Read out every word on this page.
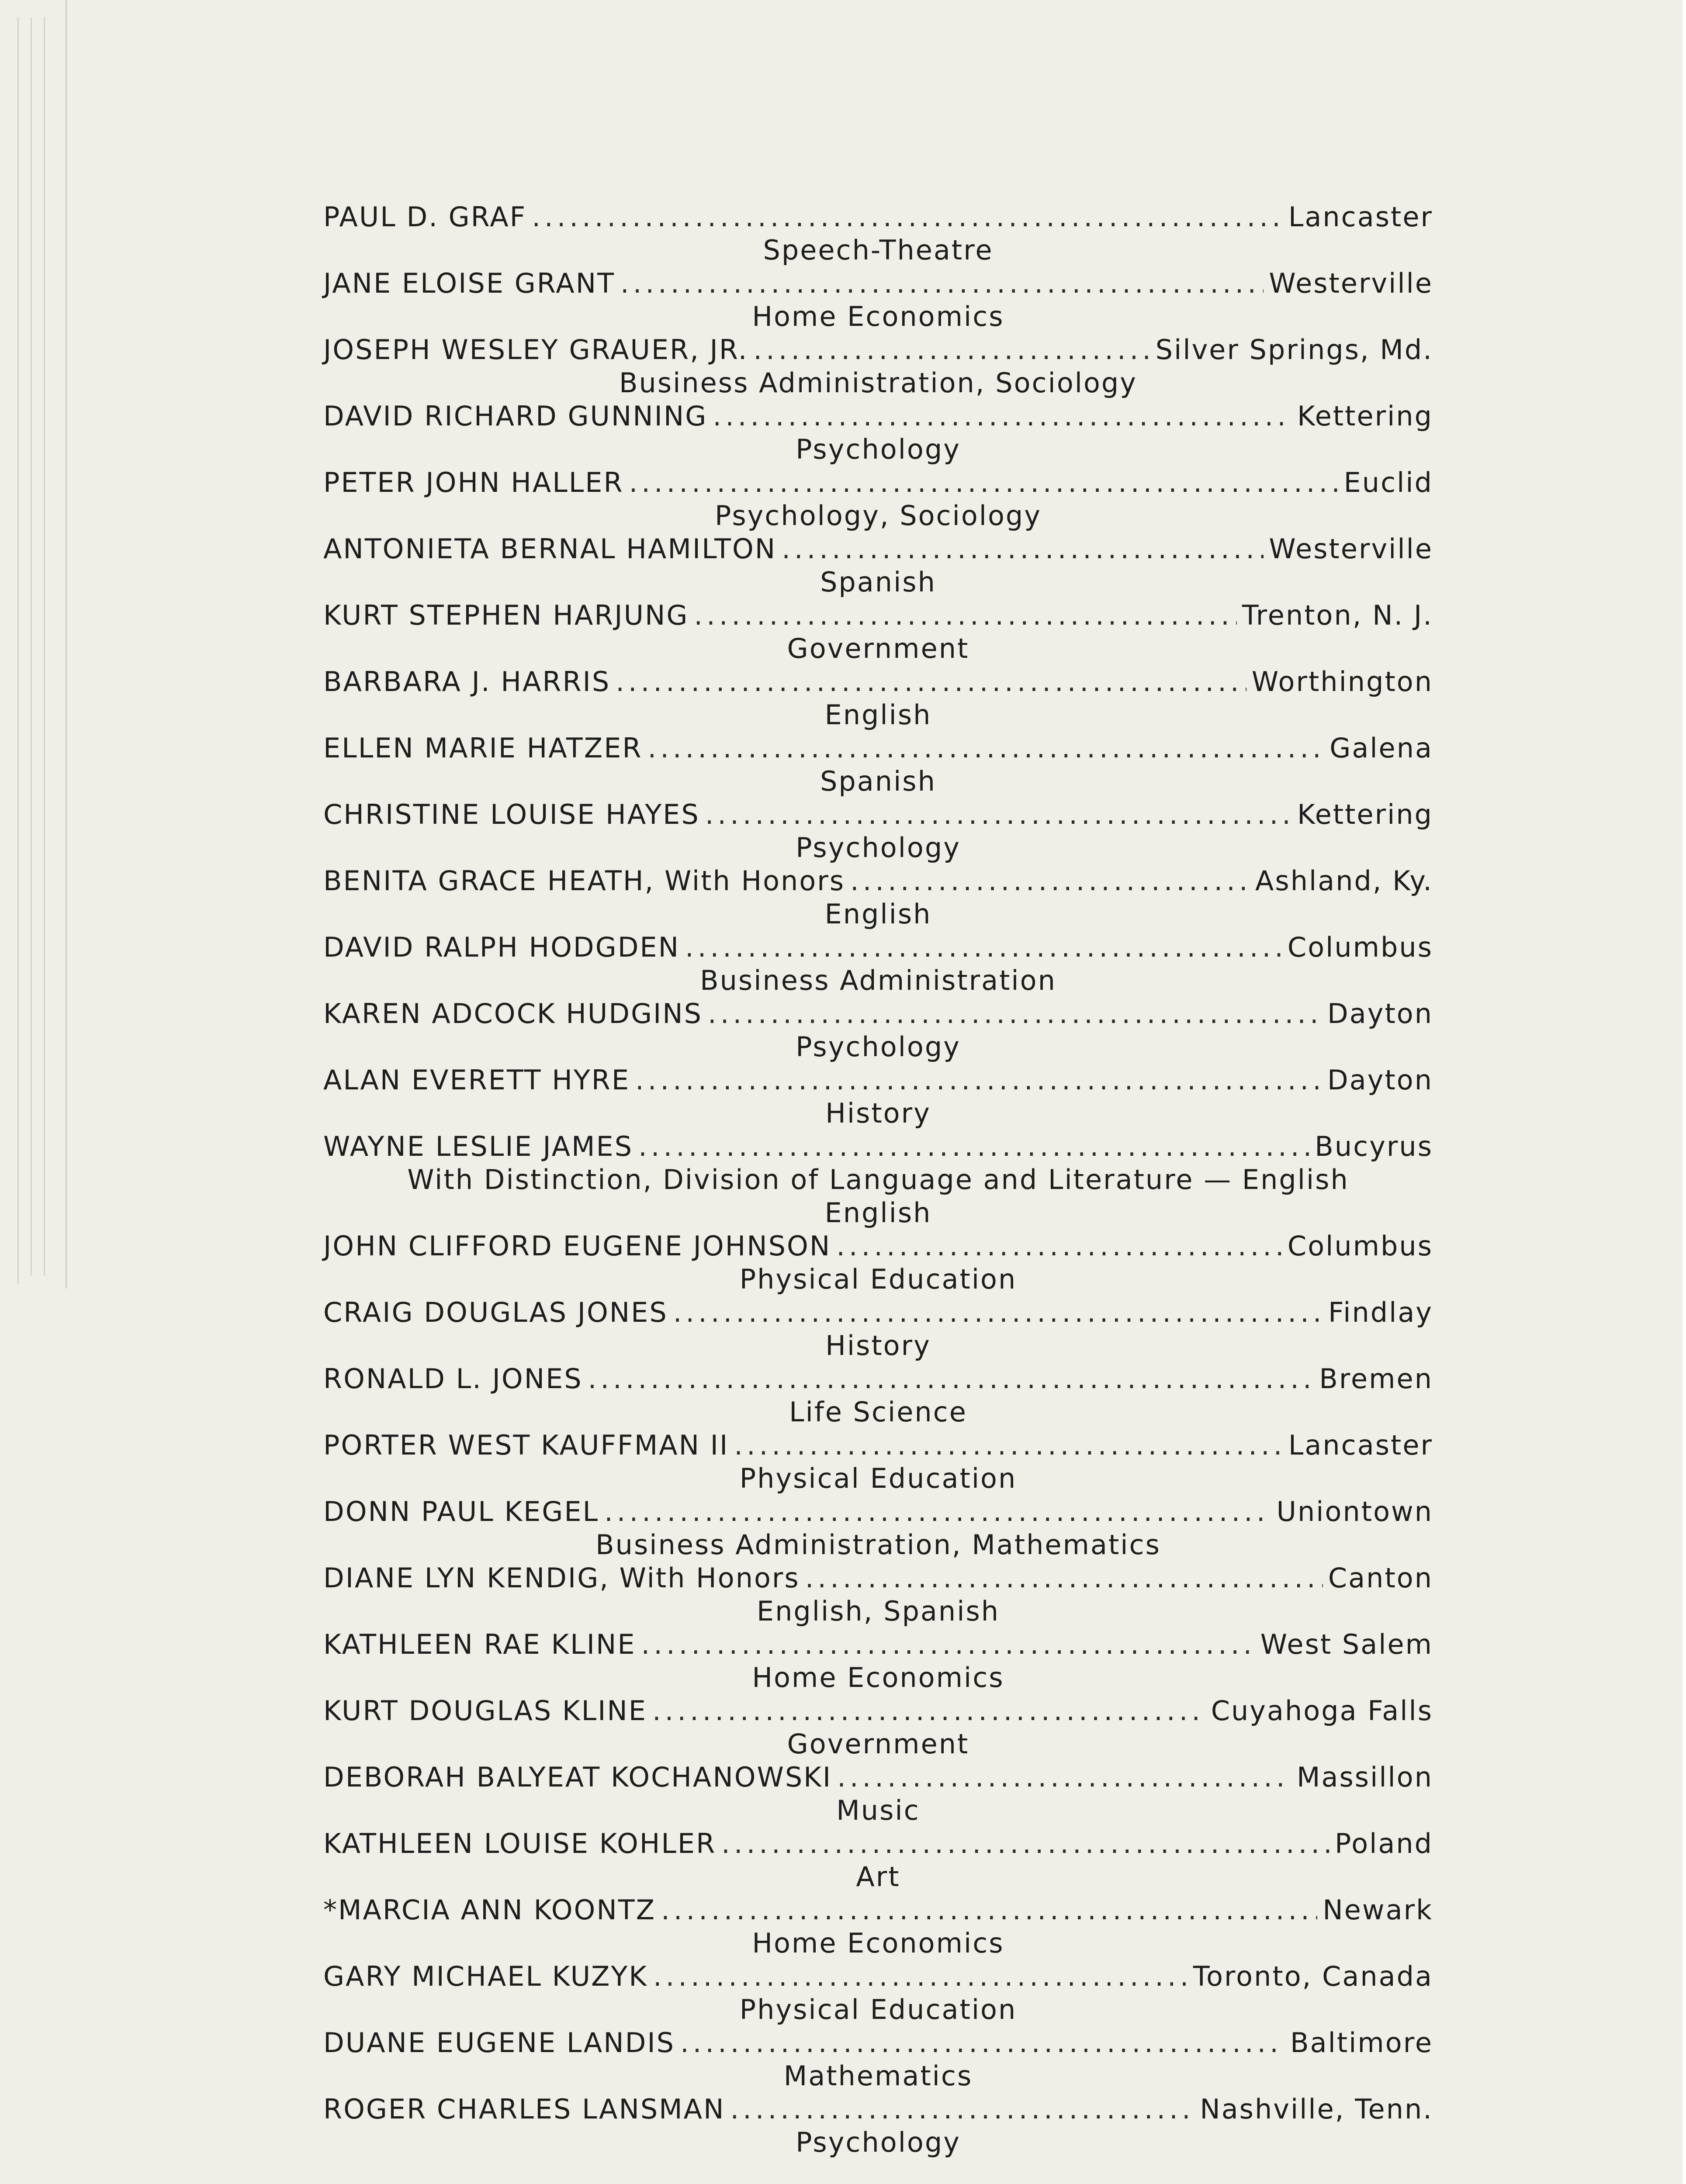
PAUL D. GRAF .....	Lancaster
Speech-Theatre
JANE ELOISE GRANT .....	Westerville
Home Economics
JOSEPH WESLEY GRAUER, JR. .....	Silver Springs, Md.
Business Administration, Sociology
DAVID RICHARD GUNNING .....	Kettering
Psychology
PETER JOHN HALLER .....	Euclid
Psychology, Sociology
ANTONIETA BERNAL HAMILTON .....	Westerville
Spanish
KURT STEPHEN HARJUNG .....	Trenton, N. J.
Government
BARBARA J. HARRIS .....	Worthington
English
ELLEN MARIE HATZER .....	Galena
Spanish
CHRISTINE LOUISE HAYES .....	Kettering
Psychology
BENITA GRACE HEATH, With Honors .....	Ashland, Ky.
English
DAVID RALPH HODGDEN .....	Columbus
Business Administration
KAREN ADCOCK HUDGINS .....	Dayton
Psychology
ALAN EVERETT HYRE .....	Dayton
History
WAYNE LESLIE JAMES .....	Bucyrus
With Distinction, Division of Language and Literature — English
English
JOHN CLIFFORD EUGENE JOHNSON .....	Columbus
Physical Education
CRAIG DOUGLAS JONES .....	Findlay
History
RONALD L. JONES .....	Bremen
Life Science
PORTER WEST KAUFFMAN II .....	Lancaster
Physical Education
DONN PAUL KEGEL .....	Uniontown
Business Administration, Mathematics
DIANE LYN KENDIG, With Honors .....	Canton
English, Spanish
KATHLEEN RAE KLINE .....	West Salem
Home Economics
KURT DOUGLAS KLINE .....	Cuyahoga Falls
Government
DEBORAH BALYEAT KOCHANOWSKI .....	Massillon
Music
KATHLEEN LOUISE KOHLER .....	Poland
Art
*MARCIA ANN KOONTZ .....	Newark
Home Economics
GARY MICHAEL KUZYK .....	Toronto, Canada
Physical Education
DUANE EUGENE LANDIS .....	Baltimore
Mathematics
ROGER CHARLES LANSMAN .....	Nashville, Tenn.
Psychology
